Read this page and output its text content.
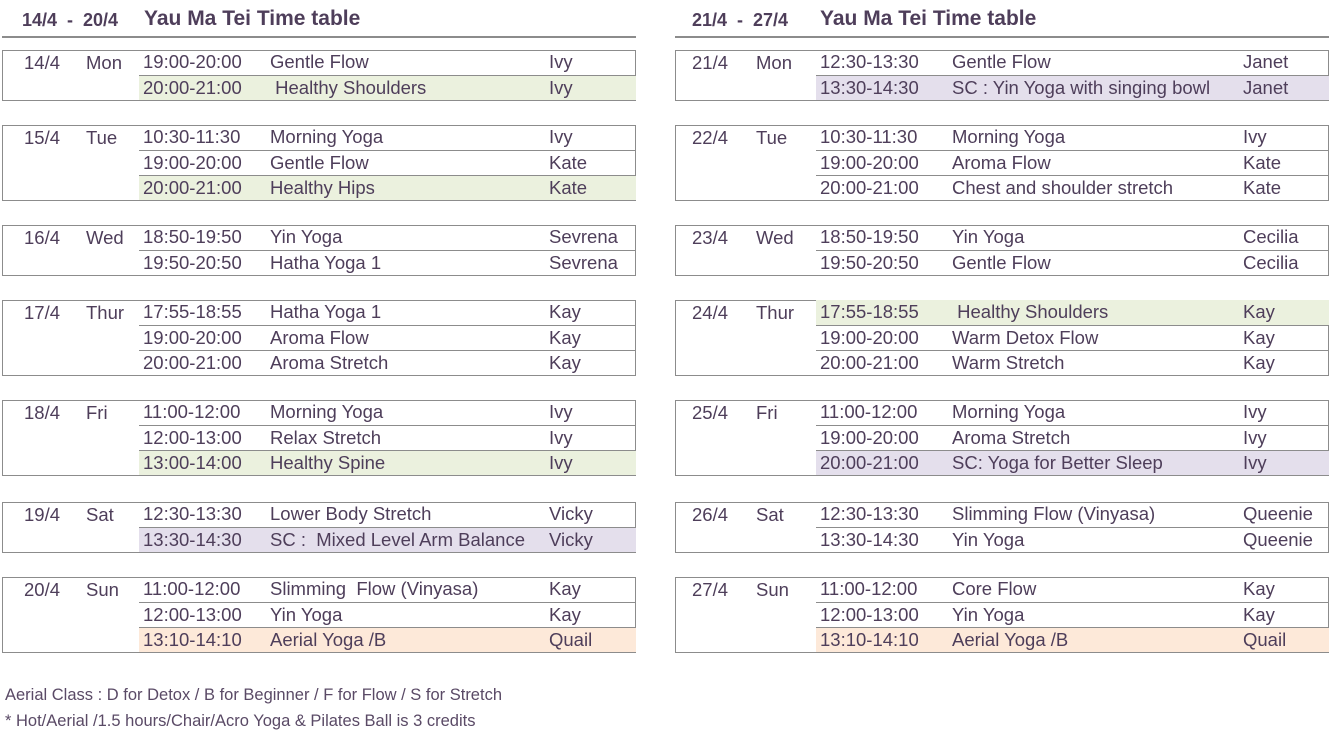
14/4  -  20/4 Yau Ma Tei Time table
14/4 Mon 19:00-20:00 Gentle Flow	Ivy
20:00-21:00 Healthy Shoulders	Ivy
15/4 Tue 10:30-11:30 Morning Yoga	Ivy
19:00-20:00 Gentle Flow	Kate
20:00-21:00 Healthy Hips	Kate
16/4 Wed 18:50-19:50 Yin Yoga	Sevrena
19:50-20:50 Hatha Yoga 1	Sevrena
17/4 Thur 17:55-18:55 Hatha Yoga 1	Kay
19:00-20:00 Aroma Flow	Kay
20:00-21:00 Aroma Stretch	Kay
18/4 Fri 11:00-12:00 Morning Yoga	Ivy
12:00-13:00 Relax Stretch	Ivy
13:00-14:00 Healthy Spine	Ivy
19/4 Sat 12:30-13:30 Lower Body Stretch	Vicky
13:30-14:30 SC :  Mixed Level Arm Balance Vicky
20/4 Sun 11:00-12:00 Slimming  Flow (Vinyasa)	Kay
12:00-13:00 Yin Yoga	Kay
13:10-14:10 Aerial Yoga /B	Quail
21/4  -  27/4 Yau Ma Tei Time table
21/4 Mon 12:30-13:30 Gentle Flow	Janet
13:30-14:30 SC : Yin Yoga with singing bowl Janet
22/4 Tue 10:30-11:30 Morning Yoga	Ivy
19:00-20:00 Aroma Flow	Kate
20:00-21:00 Chest and shoulder stretch	Kate
23/4 Wed 18:50-19:50 Yin Yoga	Cecilia
19:50-20:50 Gentle Flow	Cecilia
24/4 Thur 17:55-18:55 Healthy Shoulders	Kay
19:00-20:00 Warm Detox Flow	Kay
20:00-21:00 Warm Stretch	Kay
25/4 Fri 11:00-12:00 Morning Yoga	Ivy
19:00-20:00 Aroma Stretch	Ivy
20:00-21:00 SC: Yoga for Better Sleep	Ivy
26/4 Sat 12:30-13:30 Slimming Flow (Vinyasa)	Queenie
13:30-14:30 Yin Yoga	Queenie
27/4 Sun 11:00-12:00 Core Flow	Kay
12:00-13:00 Yin Yoga	Kay
13:10-14:10 Aerial Yoga /B	Quail
Aerial Class : D for Detox / B for Beginner / F for Flow / S for Stretch
* Hot/Aerial /1.5 hours/Chair/Acro Yoga & Pilates Ball is 3 credits
